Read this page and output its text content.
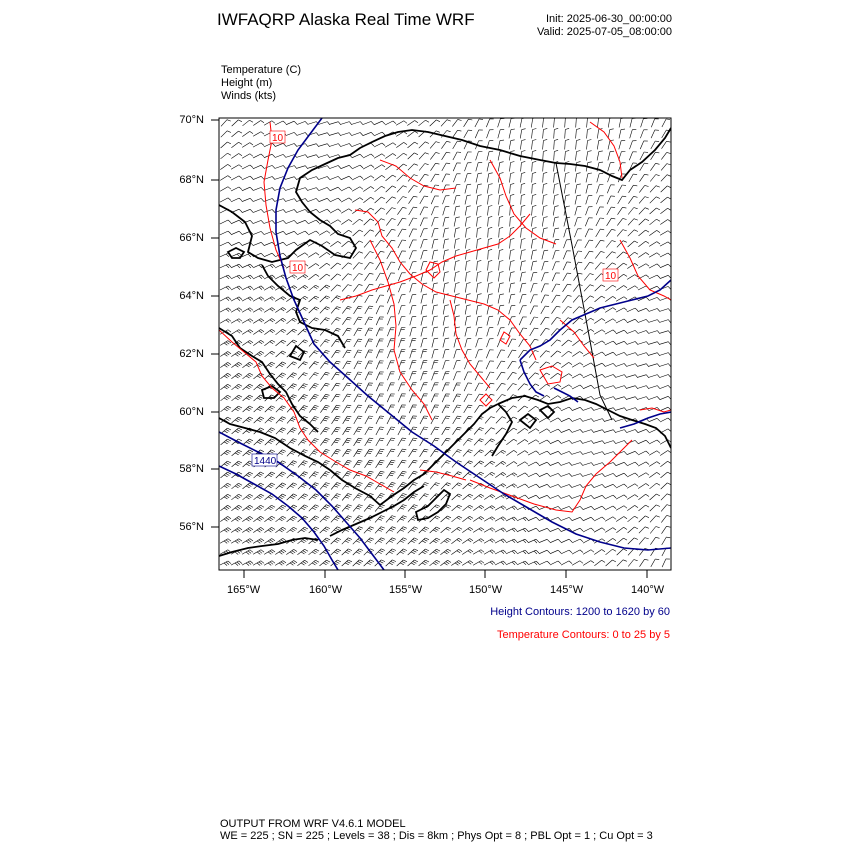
IWFAQRP Alaska Real Time WRF	Init: 2025-06-30_00:00:00
Valid: 2025-07-05_08:00:00
Temperature (C)
Height (m)
Winds (kts)
10
10
10
1440
70°N
68°N
66°N
64°N
62°N
60°N
58°N
56°N
165°W	160°W	155°W	150°W	145°W	140°W
Height Contours: 1200 to 1620 by 60
Temperature Contours: 0 to 25 by 5
OUTPUT FROM WRF V4.6.1 MODEL
WE = 225 ; SN = 225 ; Levels = 38 ; Dis = 8km ; Phys Opt = 8 ; PBL Opt = 1 ; Cu Opt = 3
